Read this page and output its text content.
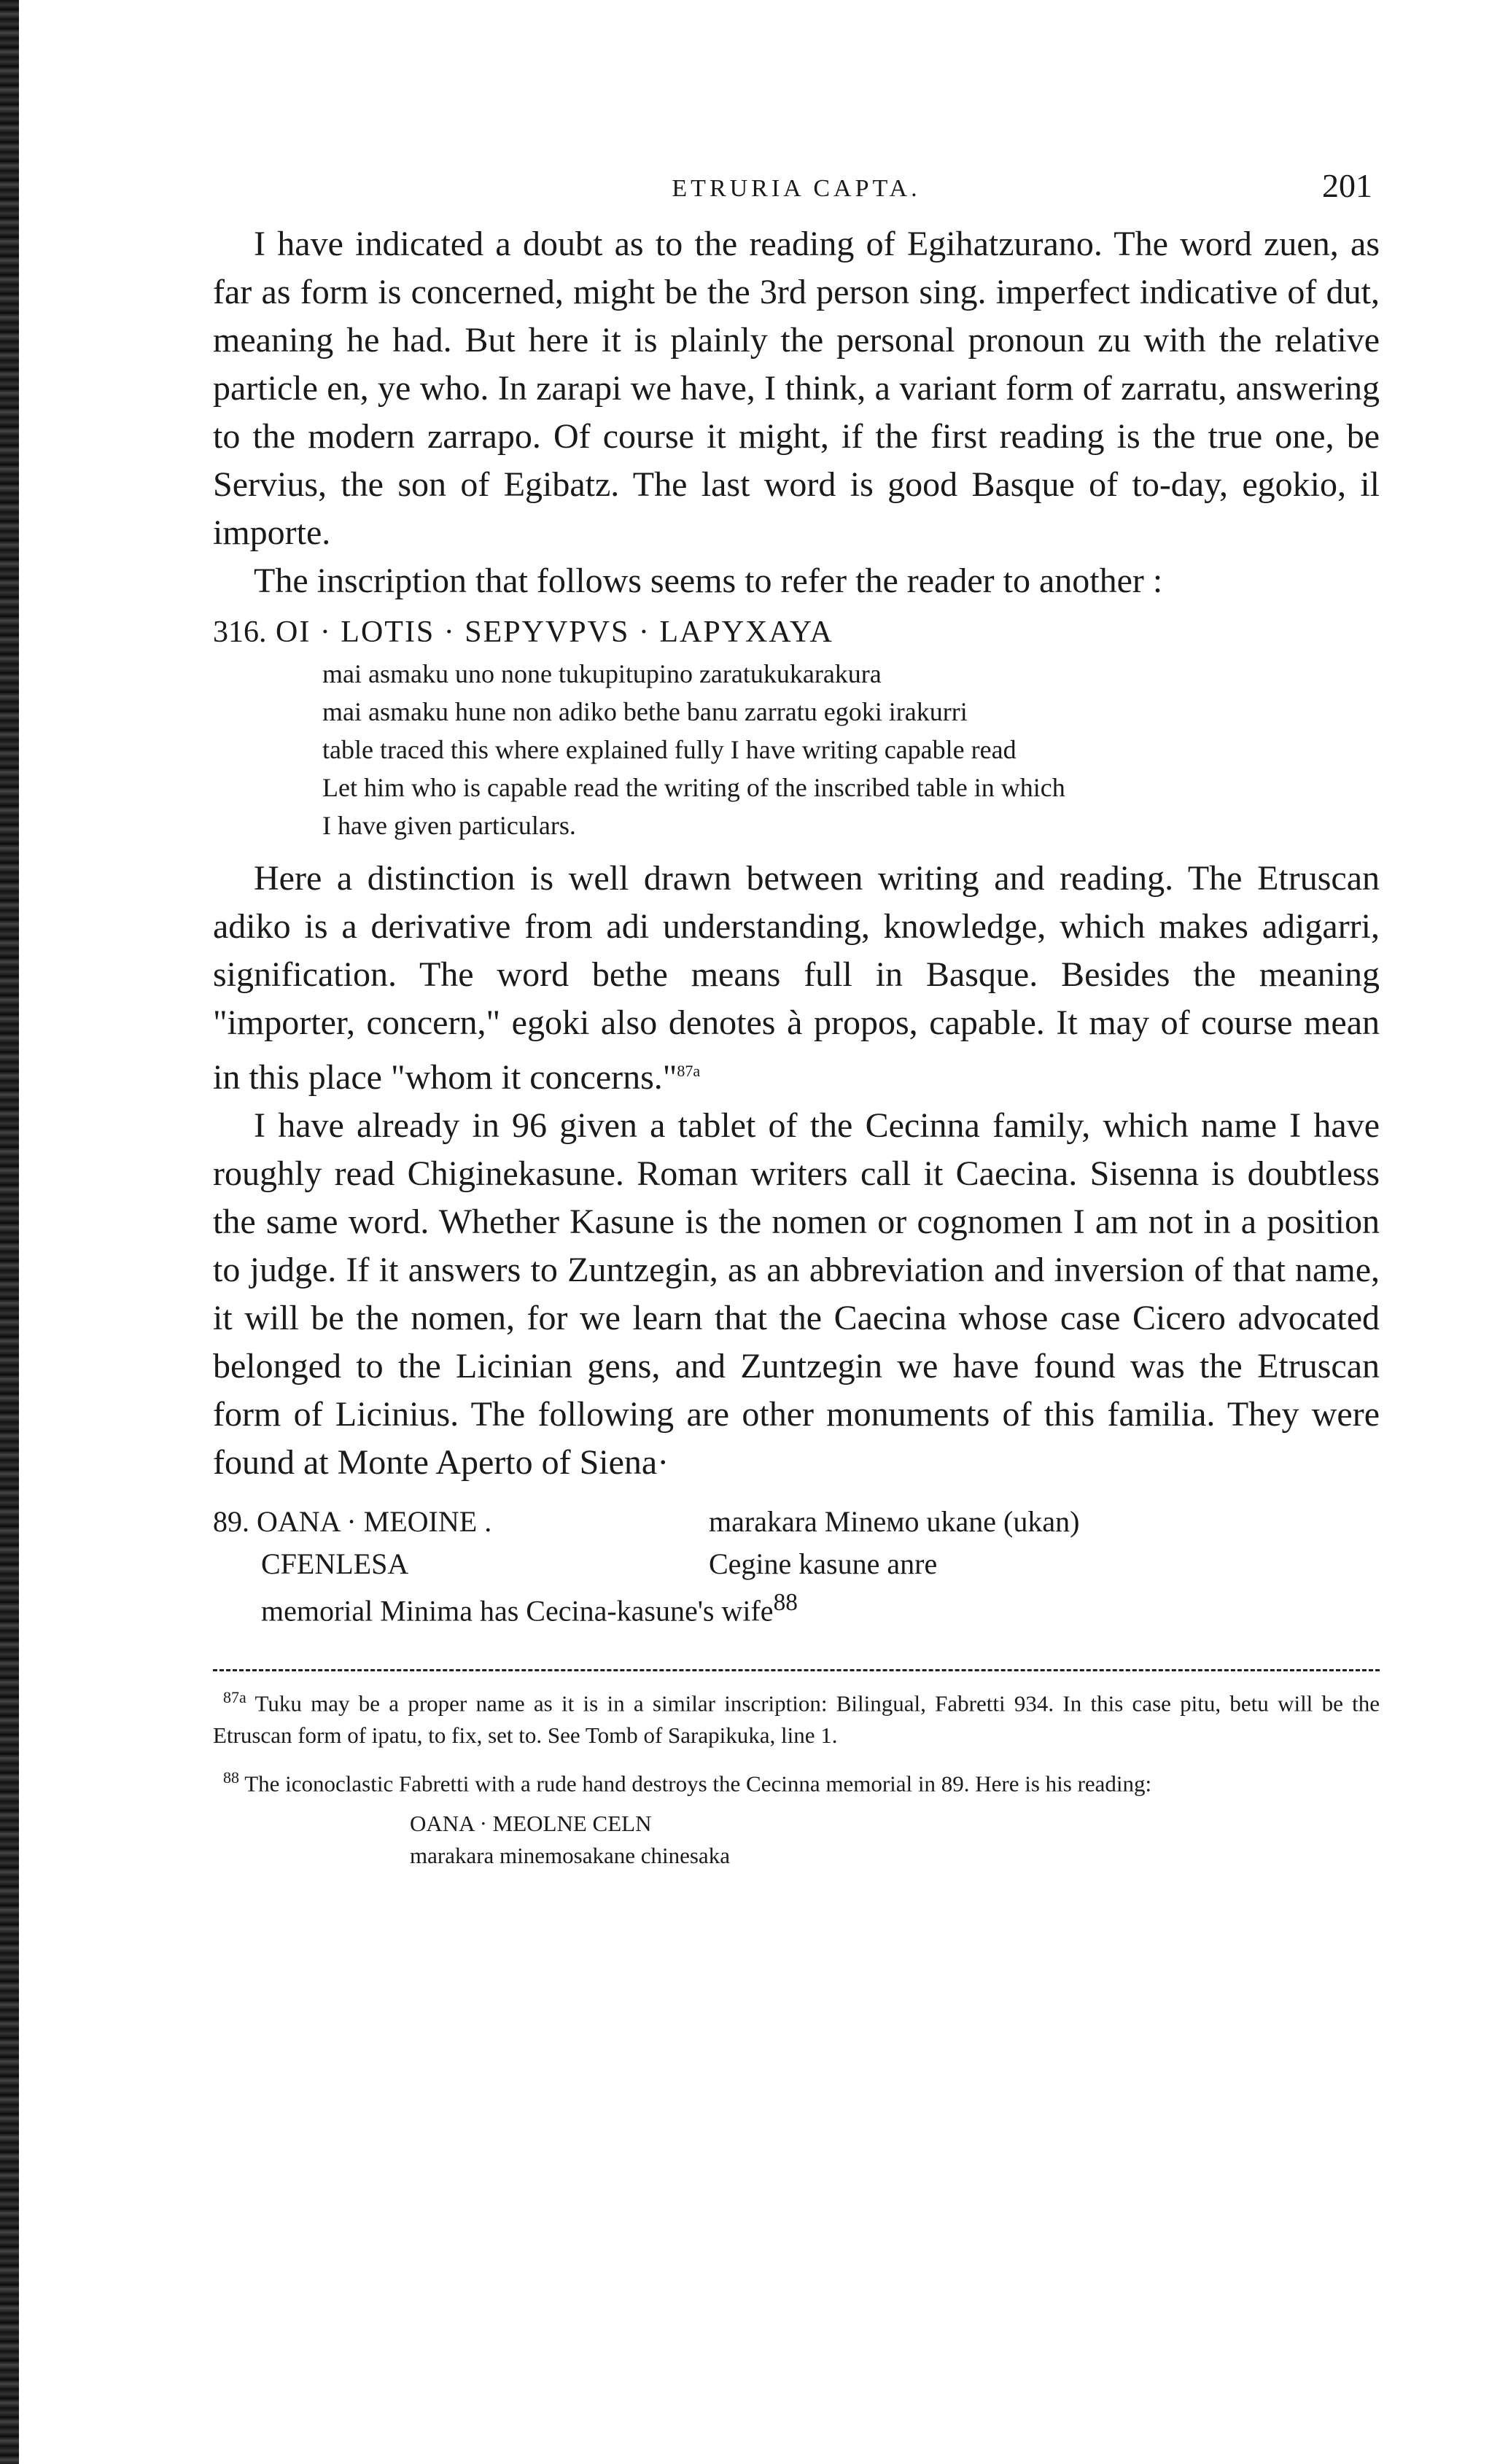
ETRURIA CAPTA.	201

I have indicated a doubt as to the reading of Egihatzurano. The word zuen, as far as form is concerned, might be the 3rd person sing. imperfect indicative of dut, meaning he had. But here it is plainly the personal pronoun zu with the relative particle en, ye who. In zarapi we have, I think, a variant form of zarratu, answering to the modern zarrapo. Of course it might, if the first reading is the true one, be Servius, the son of Egibatz. The last word is good Basque of to-day, egokio, il importe.

The inscription that follows seems to refer the reader to another :

316. OI · LOTIS · SEPYVPVS · LAPYXAYA
mai asmaku uno none tukupitupino zaratukukarakura
mai asmaku hune non adiko bethe banu zarratu egoki irakurri
table traced this where explained fully I have writing capable read
Let him who is capable read the writing of the inscribed table in which
I have given particulars.

Here a distinction is well drawn between writing and reading. The Etruscan adiko is a derivative from adi understanding, knowledge, which makes adigarri, signification. The word bethe means full in Basque. Besides the meaning "importer, concern," egoki also denotes à propos, capable. It may of course mean in this place "whom it concerns."$^{87a}$

I have already in 96 given a tablet of the Cecinna family, which name I have roughly read Chiginekasune. Roman writers call it Caecina. Sisenna is doubtless the same word. Whether Kasune is the nomen or cognomen I am not in a position to judge. If it answers to Zuntzegin, as an abbreviation and inversion of that name, it will be the nomen, for we learn that the Caecina whose case Cicero advocated belonged to the Licinian gens, and Zuntzegin we have found was the Etruscan form of Licinius. The following are other monuments of this familia. They were found at Monte Aperto of Siena·

89. OANA · MEOINE .	marakara Mineмо ukane (ukan)
CFENLESA	Cegine kasune anre
memorial Minima has Cecina-kasune's wife$^{88}$
$^{87a}$ Tuku may be a proper name as it is in a similar inscription: Bilingual, Fabretti 934. In this case pitu, betu will be the Etruscan form of ipatu, to fix, set to. See Tomb of Sarapikuka, line 1.
$^{88}$ The iconoclastic Fabretti with a rude hand destroys the Cecinna memorial in 89. Here is his reading:
OANA · MEOLNE CELN
marakara minemosakane chinesaka
